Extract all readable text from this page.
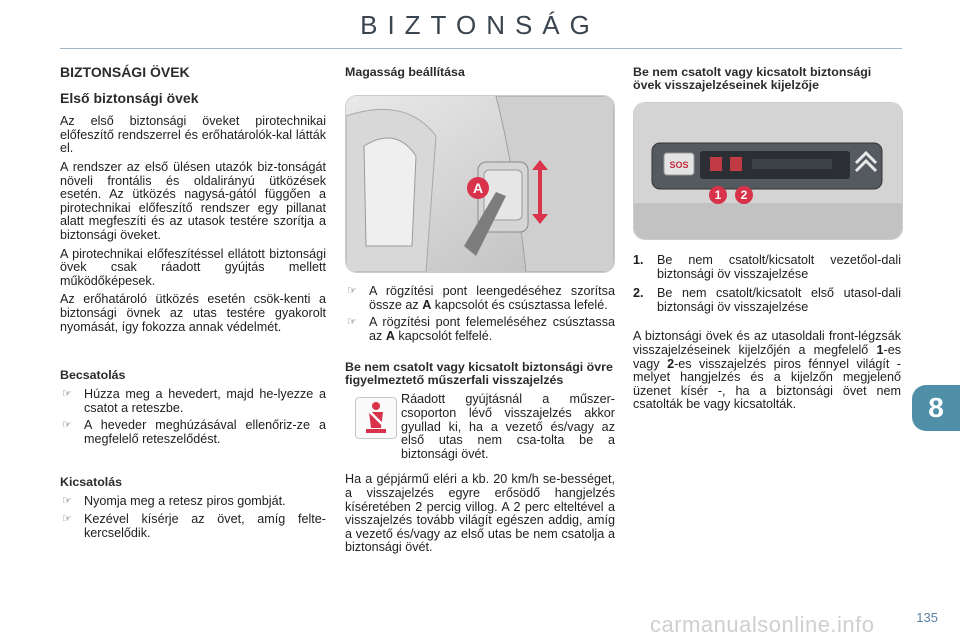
BIZTONSÁG
BIZTONSÁGI ÖVEK
Első biztonsági övek

Az első biztonsági öveket pirotechnikai előfeszítő rendszerrel és erőhatárolók-kal látták el.

A rendszer az első ülésen utazók biz-tonságát növeli frontális és oldalirányú ütközések esetén. Az ütközés nagysá-gától függően a pirotechnikai előfeszítő rendszer egy pillanat alatt megfeszíti és az utasok testére szorítja a biztonsági öveket.

A pirotechnikai előfeszítéssel ellátott biztonsági övek csak ráadott gyújtás mellett működőképesek.

Az erőhatároló ütközés esetén csök-kenti a biztonsági övnek az utas testére gyakorolt nyomását, így fokozza annak védelmét.

Becsatolás
☞ Húzza meg a hevedert, majd he-lyezze a csatot a reteszbe.
☞ A heveder meghúzásával ellenőriz-ze a megfelelő reteszelődést.
Kicsatolás
☞ Nyomja meg a retesz piros gombját.
☞ Kezével kísérje az övet, amíg felte-kercselődik.
Magasság beállítása
A
☞ A rögzítési pont leengedéséhez szorítsa össze az A kapcsolót és csúsztassa lefelé.
☞ A rögzítési pont felemeléséhez csúsztassa az A kapcsolót felfelé.
Be nem csatolt vagy kicsatolt biztonsági övre figyelmeztető műszerfali visszajelzés
Ráadott gyújtásnál a műszer-csoporton lévő visszajelzés akkor gyullad ki, ha a vezető és/vagy az első utas nem csa-tolta be a biztonsági övét.

Ha a gépjármű eléri a kb. 20 km/h se-bességet, a visszajelzés egyre erősödő hangjelzés kíséretében 2 percig villog. A 2 perc elteltével a visszajelzés tovább világít egészen addig, amíg a vezető és/vagy az első utas be nem csatolja a biztonsági övét.

Be nem csatolt vagy kicsatolt biztonsági övek visszajelzéseinek kijelzője
SOS
1 2
1. Be nem csatolt/kicsatolt vezetőol-dali biztonsági öv visszajelzése
2. Be nem csatolt/kicsatolt első utasol-dali biztonsági öv visszajelzése

A biztonsági övek és az utasoldali front-légzsák visszajelzéseinek kijelzőjén a megfelelő 1-es vagy 2-es visszajelzés piros fénnyel világít - melyet hangjelzés és a kijelzőn megjelenő üzenet kísér -, ha a biztonsági övet nem csatolták be vagy kicsatolták.	8
carmanualsonline.info	135
